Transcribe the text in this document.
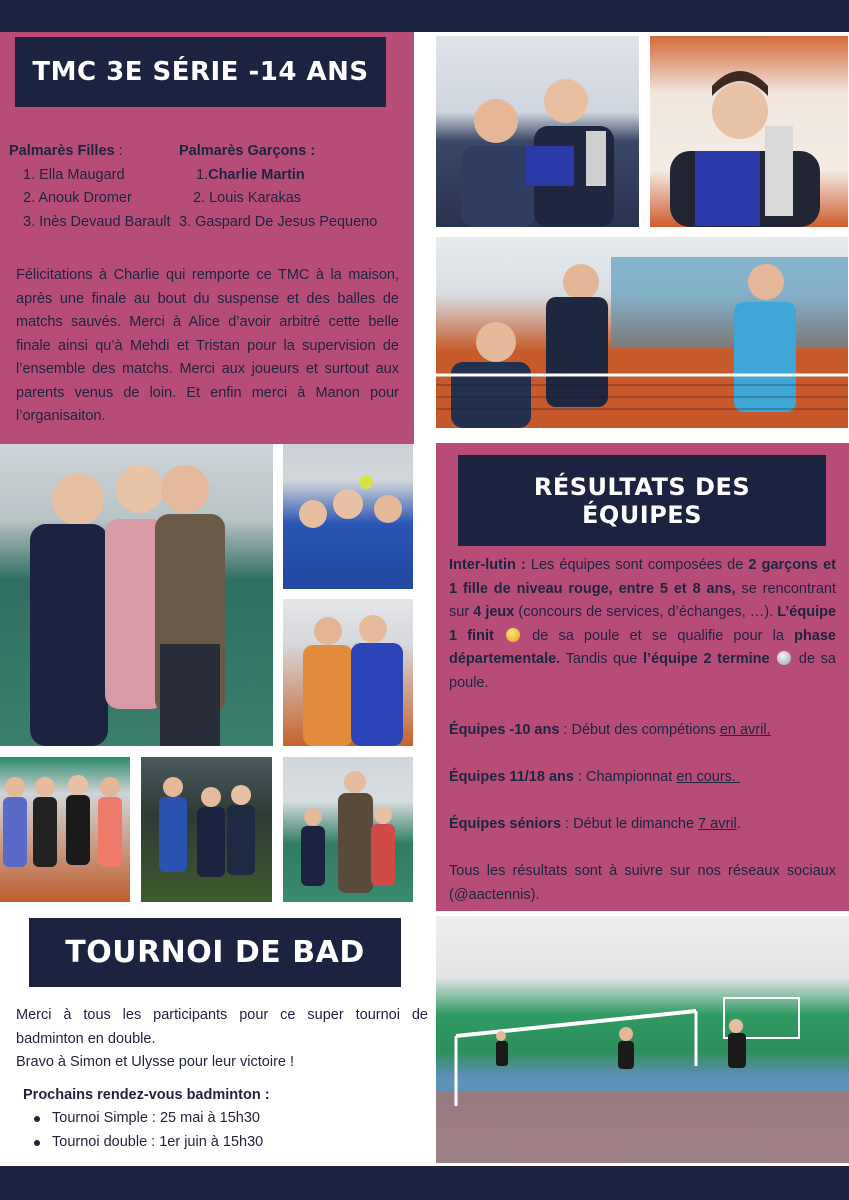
TMC 3E SÉRIE -14 ANS
Palmarès Filles :
1. Ella Maugard
2. Anouk Dromer
3. Inès Devaud Barault
Palmarès Garçons :
1.Charlie Martin
2. Louis Karakas
3. Gaspard De Jesus Pequeno

Félicitations à Charlie qui remporte ce TMC à la maison, après une finale au bout du suspense et des balles de matchs sauvés. Merci à Alice d’avoir arbitré cette belle finale ainsi qu’à Mehdi et Tristan pour la supervision de l’ensemble des matchs. Merci aux joueurs et surtout aux parents venus de loin. Et enfin merci à Manon pour l’organisaiton.

RÉSULTATS DES
ÉQUIPES

Inter-lutin : Les équipes sont composées de 2 garçons et 1 fille de niveau rouge, entre 5 et 8 ans, se rencontrant sur 4 jeux (concours de services, d’échanges, …). L’équipe 1 finit  de sa poule et se qualifie pour la phase départementale. Tandis que l’équipe 2 termine  de sa poule.

Équipes -10 ans : Début des compétions en avril.

Équipes 11/18 ans : Championnat en cours.

Équipes séniors : Début le dimanche 7 avril.

Tous les résultats sont à suivre sur nos réseaux sociaux (@aactennis).

TOURNOI DE BAD

Merci à tous les participants pour ce super tournoi de badminton en double.

Bravo à Simon et Ulysse pour leur victoire !

Prochains rendez-vous badminton :
Tournoi Simple : 25 mai à 15h30
Tournoi double : 1er juin à 15h30
